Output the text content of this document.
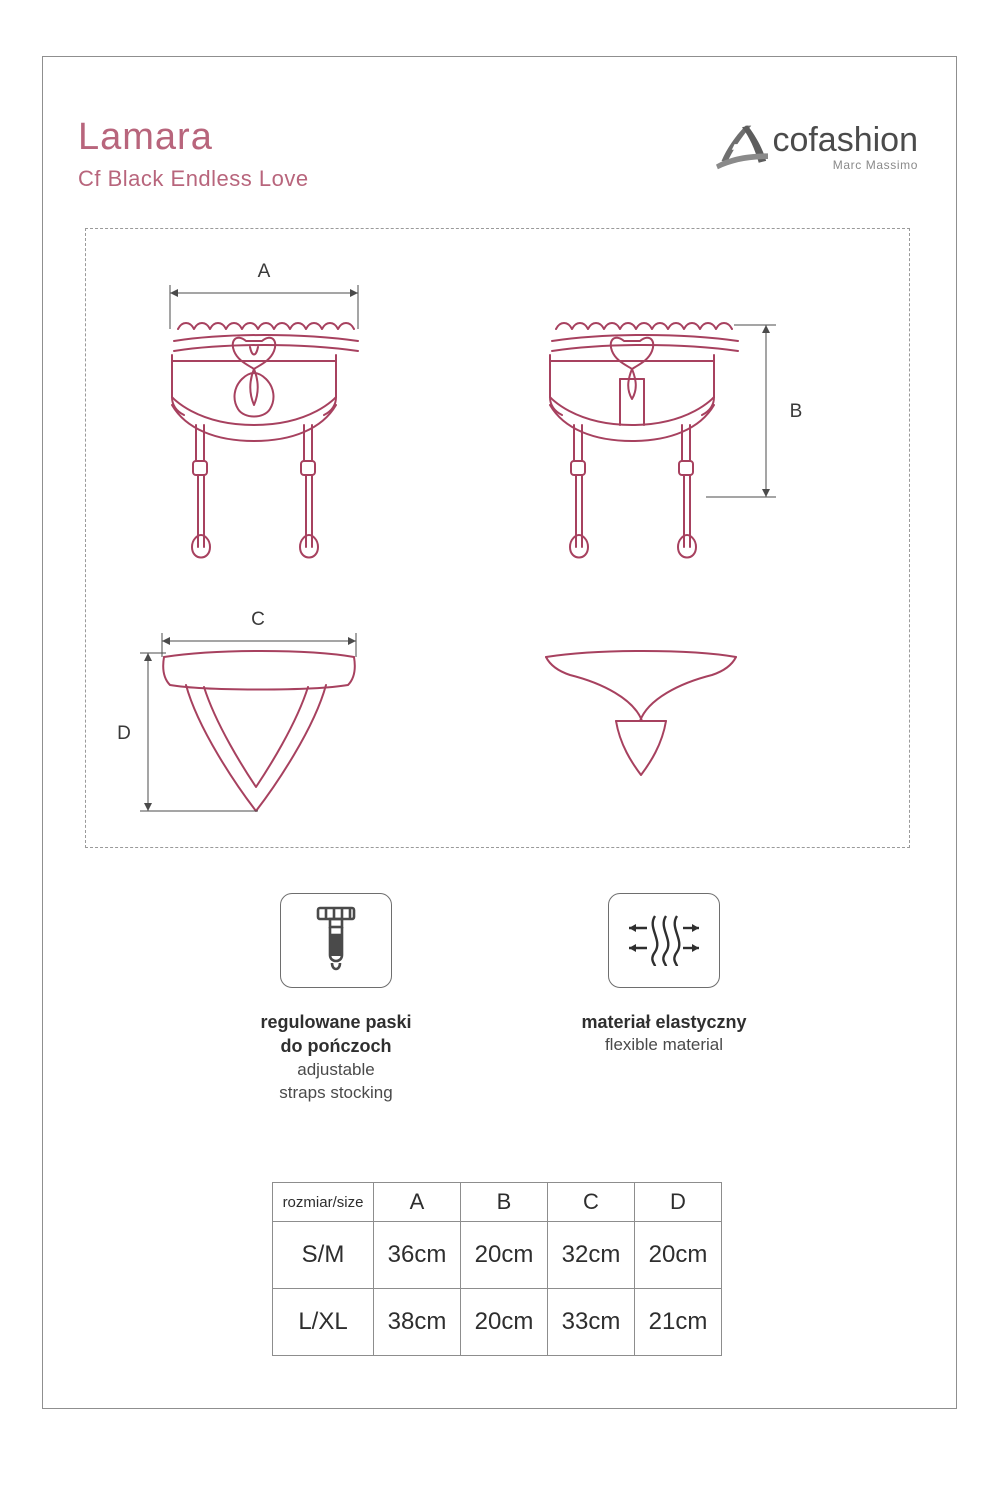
Lamara
Cf Black Endless Love
cofashion
Marc Massimo
A
B
C
D
regulowane paski
do pończoch
adjustable
straps stocking
materiał elastyczny
flexible material
rozmiar/size	A	B	C	D
S/M	36cm	20cm	32cm	20cm
L/XL	38cm	20cm	33cm	21cm
